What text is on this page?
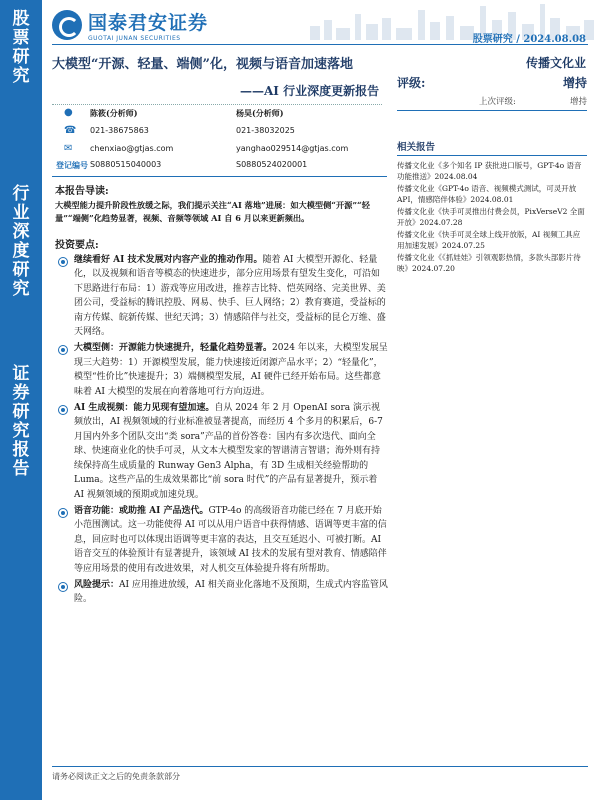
股
票
研
究
行
业
深
度
研
究
证
券
研
究
报
告
国泰君安证券
GUOTAI JUNAN SECURITIES	股票研究 / 2024.08.08
传播文化业
大模型“开源、轻量、端侧”化，视频与语音加速落地
——AI 行业深度更新报告
评级:	增持
上次评级:	增持
● 陈筱(分析师)	杨昊(分析师)
☎ 021-38675863	021-38032025
✉ chenxiao@gtjas.com	yanghao029514@gtjas.com
登记编号 S0880515040003	S0880524020001
相关报告
传播文化业《多个知名 IP 获批进口版号，GPT-4o 语音功能推送》2024.08.04
传播文化业《GPT-4o 语音、视频模式测试，可灵开放 API，情感陪伴体验》2024.08.01
传播文化业《快手可灵推出付费会员，PixVerseV2 全面开放》2024.07.28
传播文化业《快手可灵全球上线开放版，AI 视频工具应用加速发展》2024.07.25
传播文化业《《抓娃娃》引领观影热情，多款头部影片待映》2024.07.20
本报告导读:
大模型能力提升阶段性放缓之际，我们提示关注“AI 落地”进展：如大模型侧“开源”“轻量”“端侧”化趋势显著，视频、音频等领域 AI 自 6 月以来更新频出。
投资要点:
继续看好 AI 技术发展对内容产业的推动作用。随着 AI 大模型开源化、轻量化，以及视频和语音等模态的快速进步，部分应用场景有望发生变化，可沿如下思路进行布局：1）游戏等应用改进，推荐吉比特、恺英网络、完美世界、美团公司，受益标的腾讯控股、网易、快手、巨人网络；2）教育赛道，受益标的南方传媒、皖新传媒、世纪天鸿；3）情感陪伴与社交，受益标的昆仑万维、盛天网络。
大模型侧：开源能力快速提升，轻量化趋势显著。2024 年以来，大模型发展呈现三大趋势：1）开源模型发展，能力快速接近闭源产品水平；2）“轻量化”，模型“性价比”快速提升；3）端侧模型发展，AI 硬件已经开始布局。这些都意味着 AI 大模型的发展在向着落地可行方向迈进。
AI 生成视频：能力见现有望加速。自从 2024 年 2 月 OpenAI sora 演示视频放出，AI 视频领域的行业标准被显著提高，而经历 4 个多月的积累后，6-7 月国内外多个团队交出“类 sora”产品的首份答卷：国内有多次迭代、面向全球、快速商业化的快手可灵，从文本大模型发家的智谱清言智谱；海外则有持续保持高生成质量的 Runway Gen3 Alpha，有 3D 生成相关经验帮助的 Luma。这些产品的生成效果都比“前 sora 时代”的产品有显著提升，预示着 AI 视频领域的预期或加速兑现。
语音功能：或助推 AI 产品迭代。GTP-4o 的高级语音功能已经在 7 月底开始小范围测试。这一功能使得 AI 可以从用户语音中获得情感、语调等更丰富的信息，回应时也可以体现出语调等更丰富的表达，且交互延迟小、可被打断。AI 语音交互的体验预计有显著提升，该领域 AI 技术的发展有望对教育、情感陪伴等应用场景的使用有改进效果，对人机交互体验提升将有所帮助。
风险提示：AI 应用推进放缓，AI 相关商业化落地不及预期，生成式内容监管风险。
请务必阅读正文之后的免责条款部分
